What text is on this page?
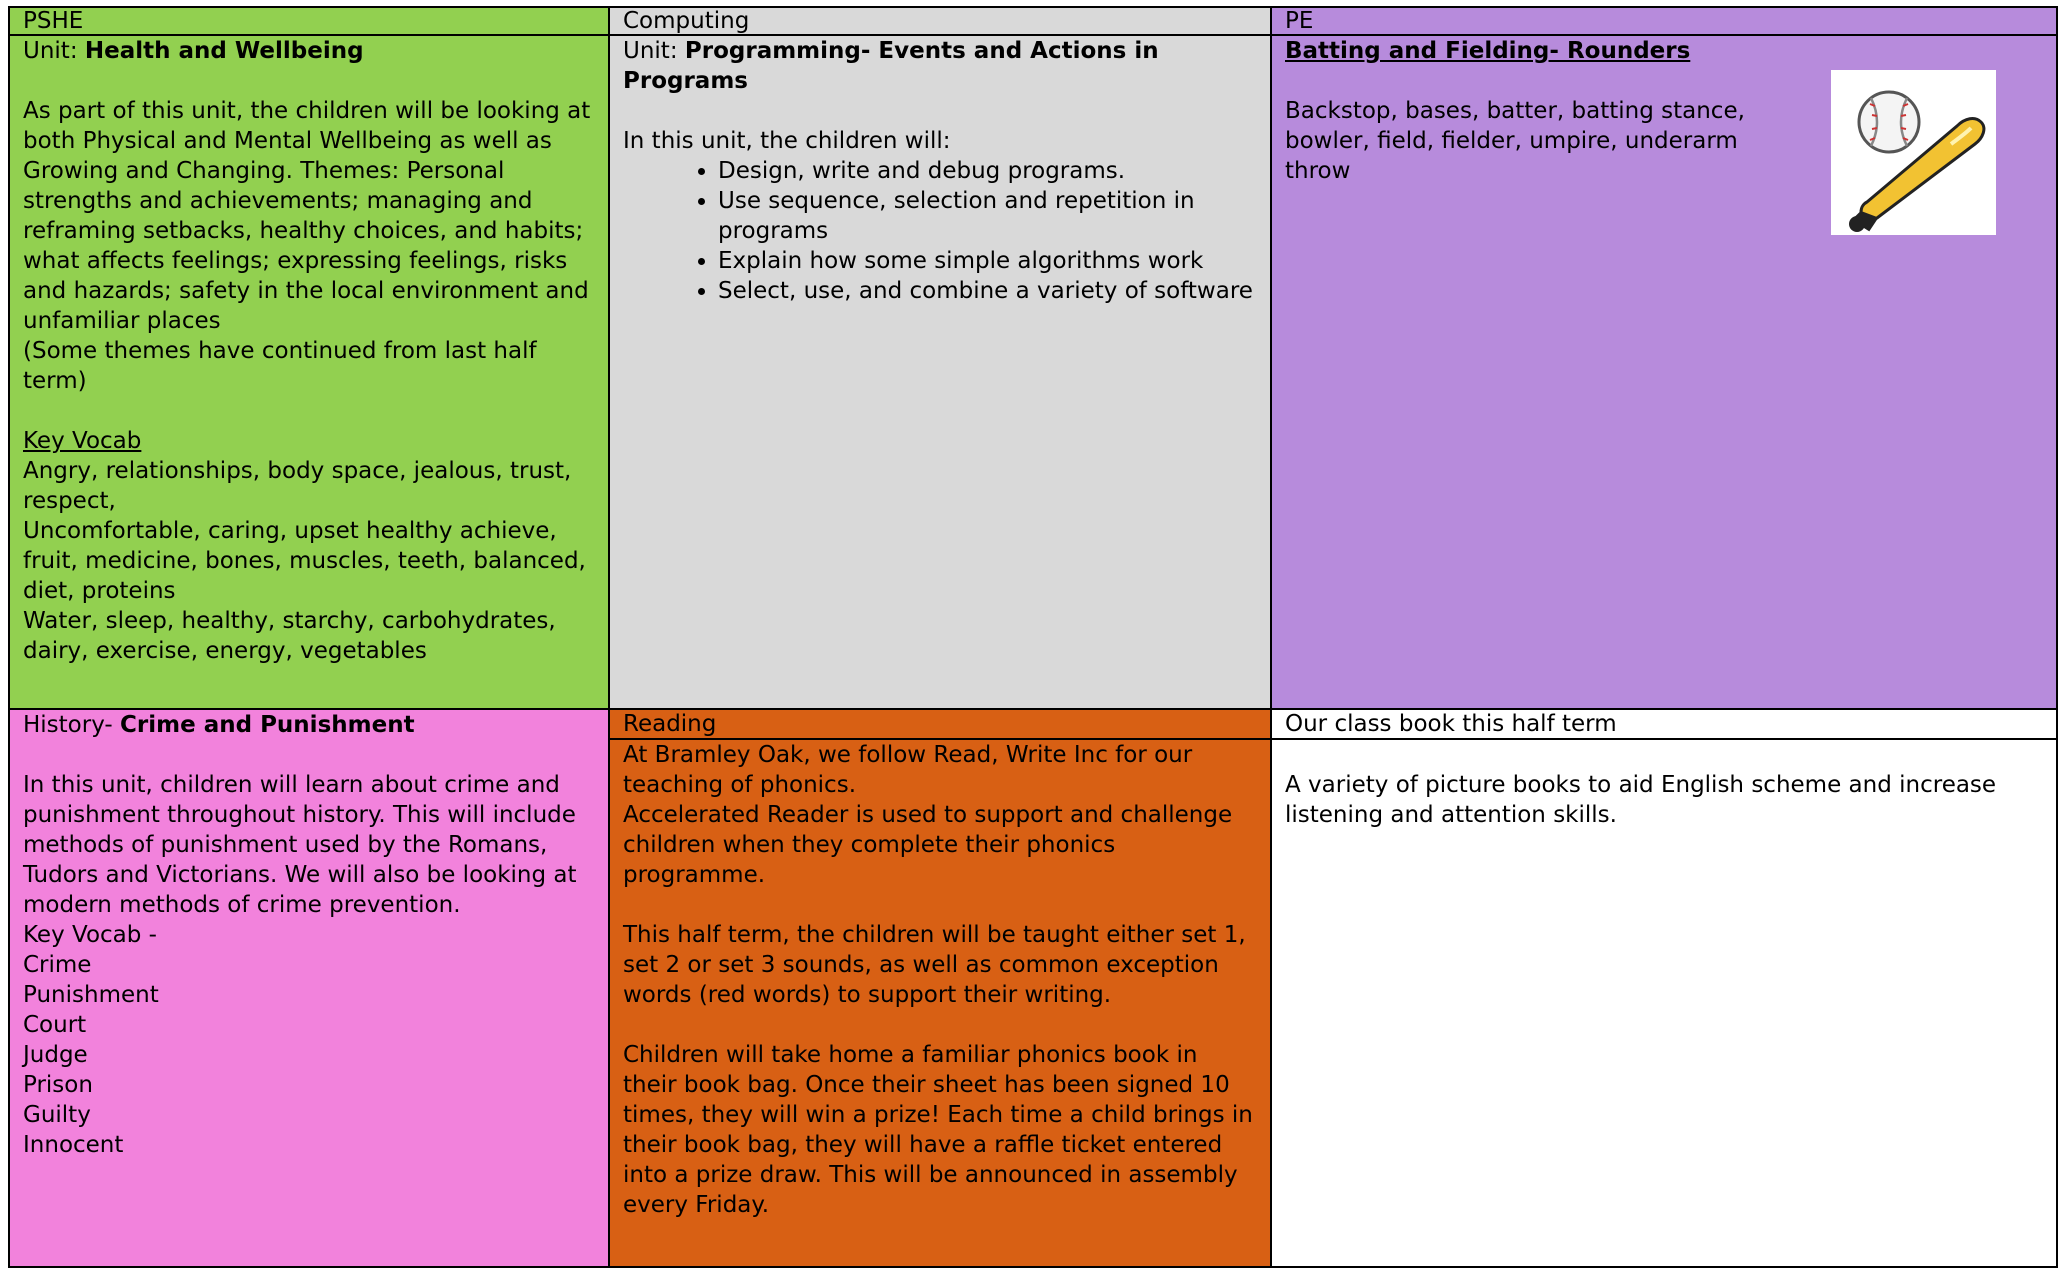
PSHE	Computing	PE

Unit: Health and Wellbeing

As part of this unit, the children will be looking at both Physical and Mental Wellbeing as well as Growing and Changing. Themes: Personal strengths and achievements; managing and reframing setbacks, healthy choices, and habits; what affects feelings; expressing feelings, risks and hazards; safety in the local environment and unfamiliar places

(Some themes have continued from last half term)

Key Vocab

Angry, relationships, body space, jealous, trust, respect,

Uncomfortable, caring, upset healthy achieve, fruit, medicine, bones, muscles, teeth, balanced, diet, proteins

Water, sleep, healthy, starchy, carbohydrates, dairy, exercise, energy, vegetables

Unit: Programming- Events and Actions in Programs

In this unit, the children will:

• Design, write and debug programs.
• Use sequence, selection and repetition in programs
• Explain how some simple algorithms work
• Select, use, and combine a variety of software

Batting and Fielding- Rounders

Backstop, bases, batter, batting stance, bowler, field, fielder, umpire, underarm throw

History- Crime and Punishment

In this unit, children will learn about crime and punishment throughout history. This will include methods of punishment used by the Romans, Tudors and Victorians. We will also be looking at modern methods of crime prevention.

Key Vocab -

Crime

Punishment

Court

Judge

Prison

Guilty

Innocent

Reading

At Bramley Oak, we follow Read, Write Inc for our teaching of phonics.

Accelerated Reader is used to support and challenge children when they complete their phonics programme.

This half term, the children will be taught either set 1, set 2 or set 3 sounds, as well as common exception words (red words) to support their writing.

Children will take home a familiar phonics book in their book bag. Once their sheet has been signed 10 times, they will win a prize! Each time a child brings in their book bag, they will have a raffle ticket entered into a prize draw. This will be announced in assembly every Friday.

Our class book this half term

A variety of picture books to aid English scheme and increase listening and attention skills.
